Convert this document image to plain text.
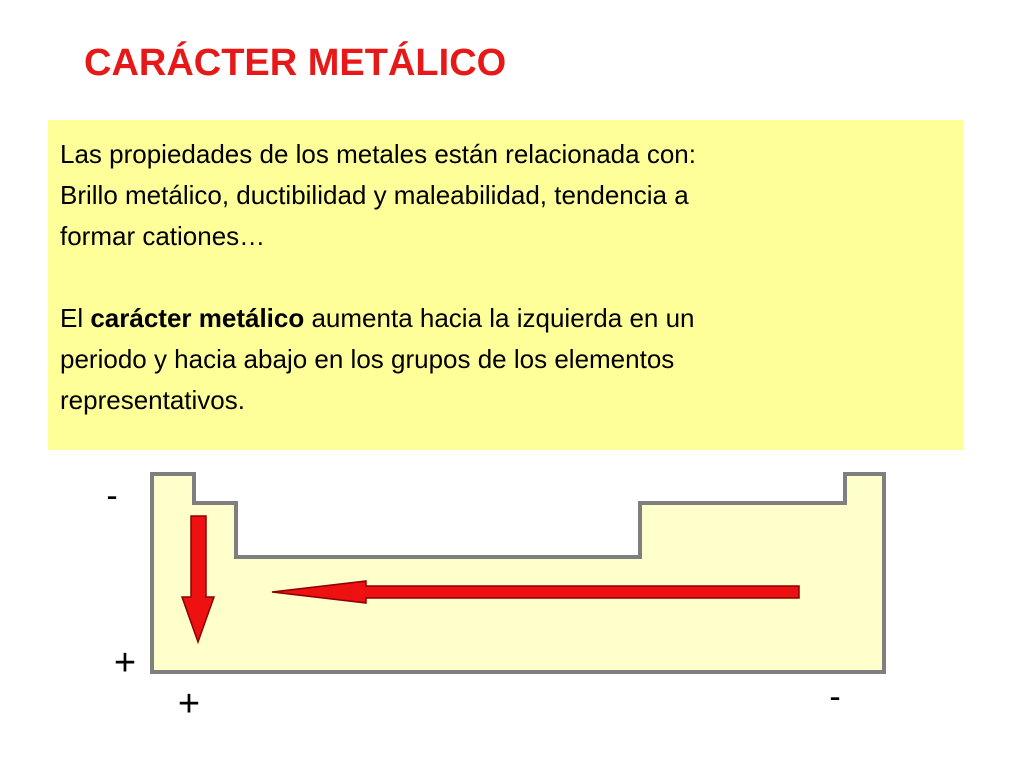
CARÁCTER METÁLICO

Las propiedades de los metales están relacionada con:
Brillo metálico, ductibilidad y maleabilidad, tendencia a
formar cationes…

El carácter metálico aumenta hacia la izquierda en un
periodo y hacia abajo en los grupos de los elementos
representativos.

-
+
+	-
